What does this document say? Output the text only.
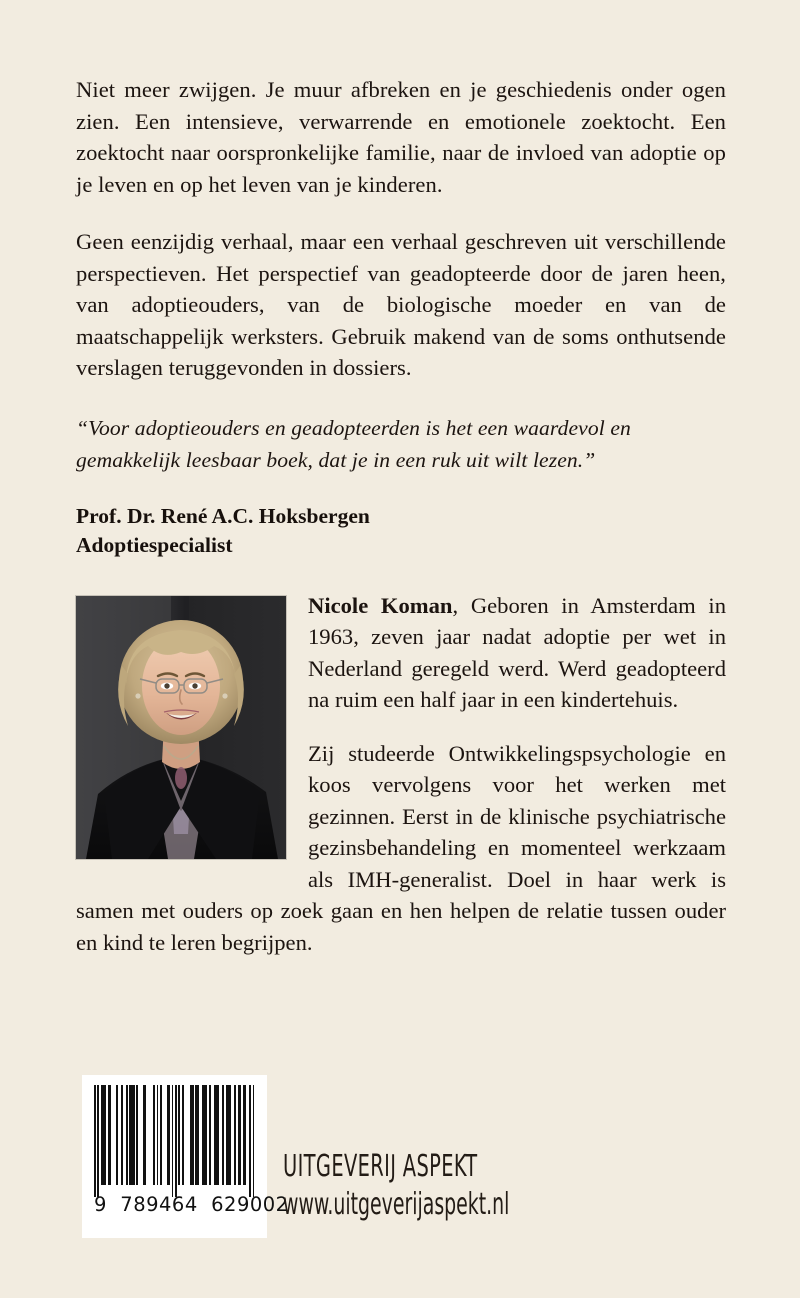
Niet meer zwijgen. Je muur afbreken en je geschiedenis onder ogen zien. Een intensieve, verwarrende en emotionele zoektocht. Een zoektocht naar oorspronkelijke familie, naar de invloed van adoptie op je leven en op het leven van je kinderen.

Geen eenzijdig verhaal, maar een verhaal geschreven uit verschillende perspectieven. Het perspectief van geadopteerde door de jaren heen, van adoptieouders, van de biologische moeder en van de maatschappelijk werksters. Gebruik makend van de soms onthutsende verslagen teruggevonden in dossiers.

“Voor adoptieouders en geadopteerden is het een waardevol en gemakkelijk leesbaar boek, dat je in een ruk uit wilt lezen.”

Prof. Dr. René A.C. Hoksbergen
Adoptiespecialist

Nicole Koman, Geboren in Amsterdam in 1963, zeven jaar nadat adoptie per wet in Nederland geregeld werd. Werd geadopteerd na ruim een half jaar in een kindertehuis.

Zij studeerde Ontwikkelingspsychologie en koos vervolgens voor het werken met gezinnen. Eerst in de klinische psychiatrische gezinsbehandeling en momenteel werkzaam als IMH-generalist. Doel in haar werk is samen met ouders op zoek gaan en hen helpen de relatie tussen ouder en kind te leren begrijpen.

9  789464  629002
UITGEVERIJ ASPEKT
www.uitgeverijaspekt.nl
